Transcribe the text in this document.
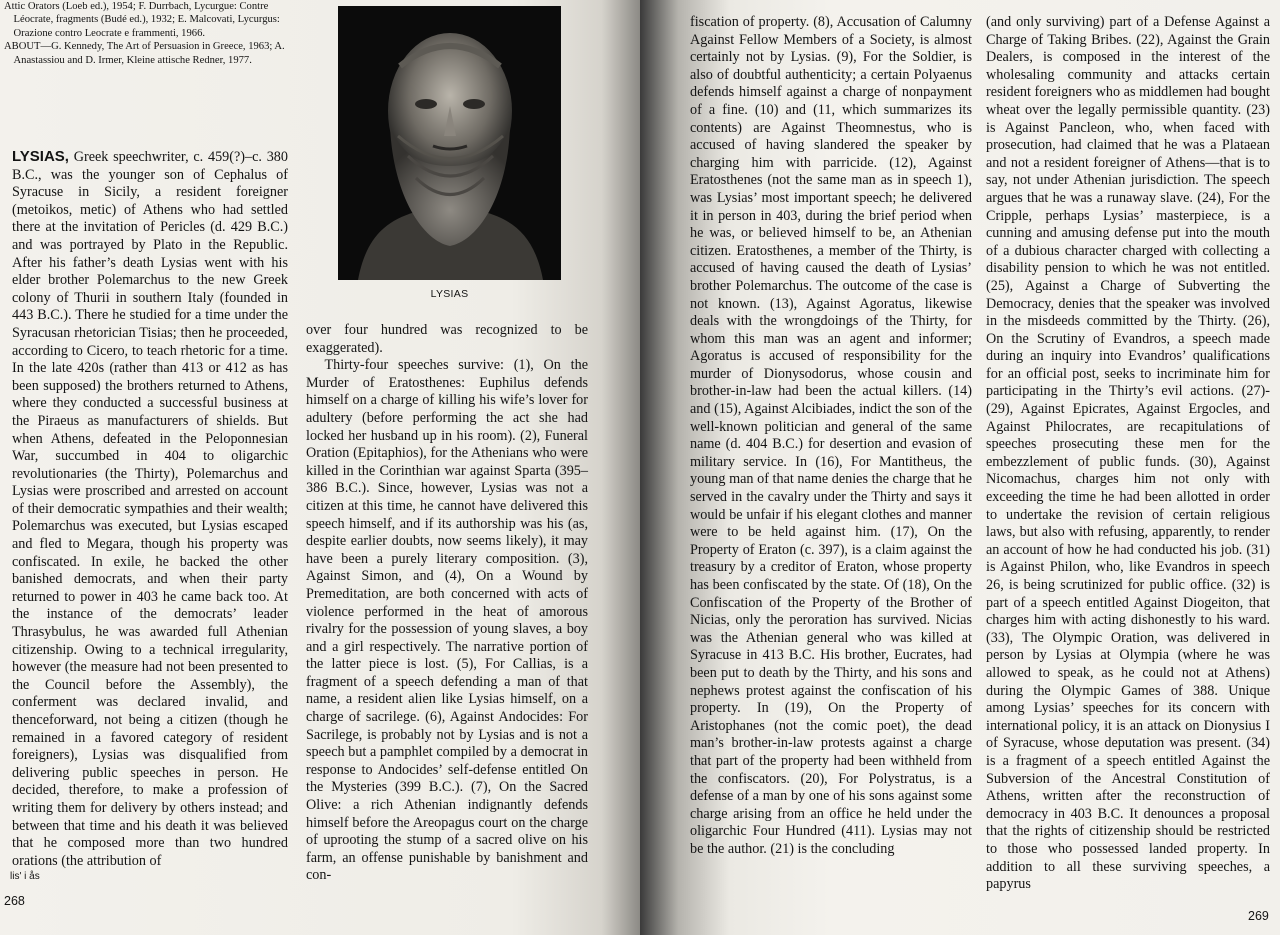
Attic Orators (Loeb ed.), 1954; F. Durrbach, Lycurgue: Contre Léocrate, fragments (Budé ed.), 1932; E. Malcovati, Lycurgus: Orazione contro Leocrate e frammenti, 1966.

ABOUT—G. Kennedy, The Art of Persuasion in Greece, 1963; A. Anastassiou and D. Irmer, Kleine attische Redner, 1977.

LYSIAS, Greek speechwriter, c. 459(?)–c. 380 B.C., was the younger son of Cephalus of Syracuse in Sicily, a resident foreigner (metoikos, metic) of Athens who had settled there at the invitation of Pericles (d. 429 B.C.) and was portrayed by Plato in the Republic. After his father’s death Lysias went with his elder brother Polemarchus to the new Greek colony of Thurii in southern Italy (founded in 443 B.C.). There he studied for a time under the Syracusan rhetorician Tisias; then he proceeded, according to Cicero, to teach rhetoric for a time. In the late 420s (rather than 413 or 412 as has been supposed) the brothers returned to Athens, where they conducted a successful business at the Piraeus as manufacturers of shields. But when Athens, defeated in the Peloponnesian War, succumbed in 404 to oligarchic revolutionaries (the Thirty), Polemarchus and Lysias were proscribed and arrested on account of their democratic sympathies and their wealth; Polemarchus was executed, but Lysias escaped and fled to Megara, though his property was confiscated. In exile, he backed the other banished democrats, and when their party returned to power in 403 he came back too. At the instance of the democrats’ leader Thrasybulus, he was awarded full Athenian citizenship. Owing to a technical irregularity, however (the measure had not been presented to the Council before the Assembly), the conferment was declared invalid, and thenceforward, not being a citizen (though he remained in a favored category of resident foreigners), Lysias was disqualified from delivering public speeches in person. He decided, therefore, to make a profession of writing them for delivery by others instead; and between that time and his death it was believed that he composed more than two hundred orations (the attribution of

LYSIAS

over four hundred was recognized to be exaggerated).

Thirty-four speeches survive: (1), On the Murder of Eratosthenes: Euphilus defends himself on a charge of killing his wife’s lover for adultery (before performing the act she had locked her husband up in his room). (2), Funeral Oration (Epitaphios), for the Athenians who were killed in the Corinthian war against Sparta (395–386 B.C.). Since, however, Lysias was not a citizen at this time, he cannot have delivered this speech himself, and if its authorship was his (as, despite earlier doubts, now seems likely), it may have been a purely literary composition. (3), Against Simon, and (4), On a Wound by Premeditation, are both concerned with acts of violence performed in the heat of amorous rivalry for the possession of young slaves, a boy and a girl respectively. The narrative portion of the latter piece is lost. (5), For Callias, is a fragment of a speech defending a man of that name, a resident alien like Lysias himself, on a charge of sacrilege. (6), Against Andocides: For Sacrilege, is probably not by Lysias and is not a speech but a pamphlet compiled by a democrat in response to Andocides’ self-defense entitled On the Mysteries (399 B.C.). (7), On the Sacred Olive: a rich Athenian indignantly defends himself before the Areopagus court on the charge of uprooting the stump of a sacred olive on his farm, an offense punishable by banishment and con-

lis' i ås
268

fiscation of property. (8), Accusation of Calumny Against Fellow Members of a Society, is almost certainly not by Lysias. (9), For the Soldier, is also of doubtful authenticity; a certain Polyaenus defends himself against a charge of nonpayment of a fine. (10) and (11, which summarizes its contents) are Against Theomnestus, who is accused of having slandered the speaker by charging him with parricide. (12), Against Eratosthenes (not the same man as in speech 1), was Lysias’ most important speech; he delivered it in person in 403, during the brief period when he was, or believed himself to be, an Athenian citizen. Eratosthenes, a member of the Thirty, is accused of having caused the death of Lysias’ brother Polemarchus. The outcome of the case is not known. (13), Against Agoratus, likewise deals with the wrongdoings of the Thirty, for whom this man was an agent and informer; Agoratus is accused of responsibility for the murder of Dionysodorus, whose cousin and brother-in-law had been the actual killers. (14) and (15), Against Alcibiades, indict the son of the well-known politician and general of the same name (d. 404 B.C.) for desertion and evasion of military service. In (16), For Mantitheus, the young man of that name denies the charge that he served in the cavalry under the Thirty and says it would be unfair if his elegant clothes and manner were to be held against him. (17), On the Property of Eraton (c. 397), is a claim against the treasury by a creditor of Eraton, whose property has been confiscated by the state. Of (18), On the Confiscation of the Property of the Brother of Nicias, only the peroration has survived. Nicias was the Athenian general who was killed at Syracuse in 413 B.C. His brother, Eucrates, had been put to death by the Thirty, and his sons and nephews protest against the confiscation of his property. In (19), On the Property of Aristophanes (not the comic poet), the dead man’s brother-in-law protests against a charge that part of the property had been withheld from the confiscators. (20), For Polystratus, is a defense of a man by one of his sons against some charge arising from an office he held under the oligarchic Four Hundred (411). Lysias may not be the author. (21) is the concluding

(and only surviving) part of a Defense Against a Charge of Taking Bribes. (22), Against the Grain Dealers, is composed in the interest of the wholesaling community and attacks certain resident foreigners who as middlemen had bought wheat over the legally permissible quantity. (23) is Against Pancleon, who, when faced with prosecution, had claimed that he was a Plataean and not a resident foreigner of Athens—that is to say, not under Athenian jurisdiction. The speech argues that he was a runaway slave. (24), For the Cripple, perhaps Lysias’ masterpiece, is a cunning and amusing defense put into the mouth of a dubious character charged with collecting a disability pension to which he was not entitled. (25), Against a Charge of Subverting the Democracy, denies that the speaker was involved in the misdeeds committed by the Thirty. (26), On the Scrutiny of Evandros, a speech made during an inquiry into Evandros’ qualifications for an official post, seeks to incriminate him for participating in the Thirty’s evil actions. (27)-(29), Against Epicrates, Against Ergocles, and Against Philocrates, are recapitulations of speeches prosecuting these men for the embezzlement of public funds. (30), Against Nicomachus, charges him not only with exceeding the time he had been allotted in order to undertake the revision of certain religious laws, but also with refusing, apparently, to render an account of how he had conducted his job. (31) is Against Philon, who, like Evandros in speech 26, is being scrutinized for public office. (32) is part of a speech entitled Against Diogeiton, that charges him with acting dishonestly to his ward. (33), The Olympic Oration, was delivered in person by Lysias at Olympia (where he was allowed to speak, as he could not at Athens) during the Olympic Games of 388. Unique among Lysias’ speeches for its concern with international policy, it is an attack on Dionysius I of Syracuse, whose deputation was present. (34) is a fragment of a speech entitled Against the Subversion of the Ancestral Constitution of Athens, written after the reconstruction of democracy in 403 B.C. It denounces a proposal that the rights of citizenship should be restricted to those who possessed landed property. In addition to all these surviving speeches, a papyrus

269
